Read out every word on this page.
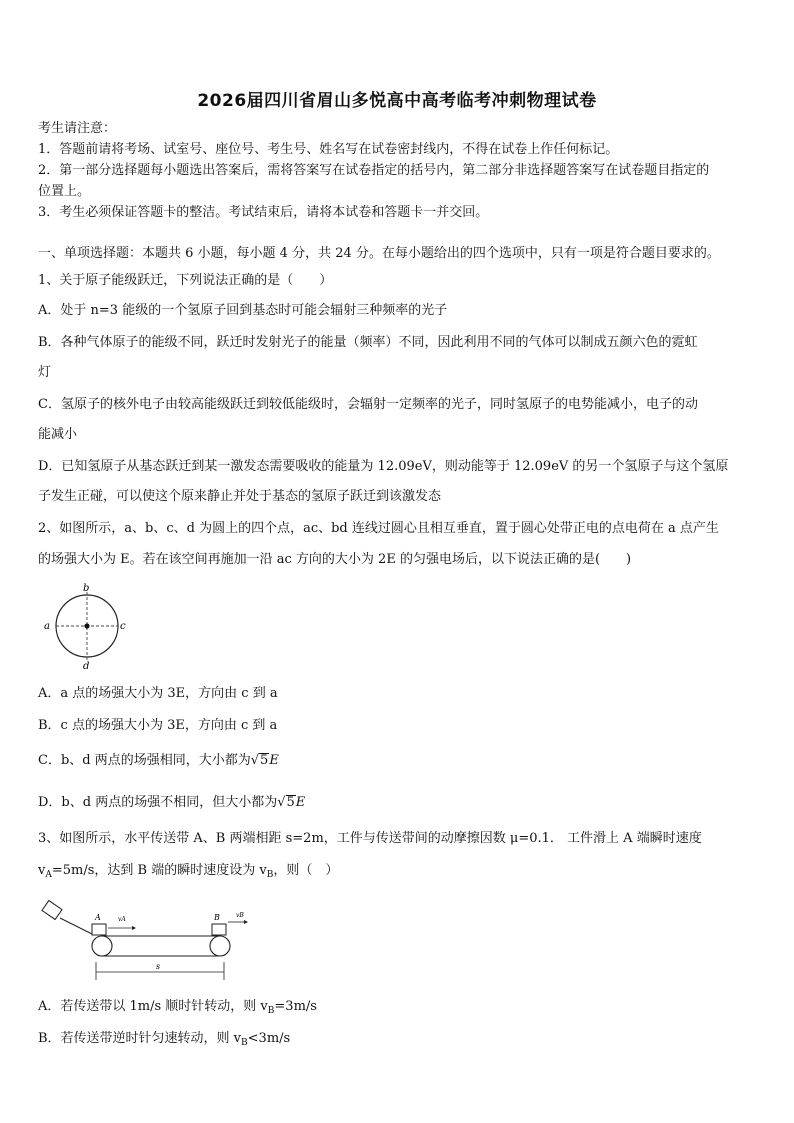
2026届四川省眉山多悦高中高考临考冲刺物理试卷
考生请注意：
1．答题前请将考场、试室号、座位号、考生号、姓名写在试卷密封线内，不得在试卷上作任何标记。
2．第一部分选择题每小题选出答案后，需将答案写在试卷指定的括号内，第二部分非选择题答案写在试卷题目指定的
位置上。
3．考生必须保证答题卡的整洁。考试结束后，请将本试卷和答题卡一并交回。
一、单项选择题：本题共 6 小题，每小题 4 分，共 24 分。在每小题给出的四个选项中，只有一项是符合题目要求的。
1、关于原子能级跃迁，下列说法正确的是（　　）
A．处于 n=3 能级的一个氢原子回到基态时可能会辐射三种频率的光子
B．各种气体原子的能级不同，跃迁时发射光子的能量（频率）不同，因此利用不同的气体可以制成五颜六色的霓虹
灯
C．氢原子的核外电子由较高能级跃迁到较低能级时，会辐射一定频率的光子，同时氢原子的电势能减小，电子的动
能减小
D．已知氢原子从基态跃迁到某一激发态需要吸收的能量为 12.09eV，则动能等于 12.09eV 的另一个氢原子与这个氢原
子发生正碰，可以使这个原来静止并处于基态的氢原子跃迁到该激发态
2、如图所示，a、b、c、d 为圆上的四个点，ac、bd 连线过圆心且相互垂直，置于圆心处带正电的点电荷在 a 点产生
的场强大小为 E。若在该空间再施加一沿 ac 方向的大小为 2E 的匀强电场后，以下说法正确的是(　　)
b
a	c
d
A．a 点的场强大小为 3E，方向由 c 到 a
B．c 点的场强大小为 3E，方向由 c 到 a
C．b、d 两点的场强相同，大小都为√5E
D．b、d 两点的场强不相同，但大小都为√5E
3、如图所示，水平传送带 A、B 两端相距 s=2m，工件与传送带间的动摩擦因数 μ=0.1． 工件滑上 A 端瞬时速度
$v_A=5m/s$，达到 B 端的瞬时速度设为 $v_B$，则（　）
A	vA	B	vB
s
A．若传送带以 1m/s 顺时针转动，则 $v_B=3m/s$
B．若传送带逆时针匀速转动，则 $v_B<3m/s$
